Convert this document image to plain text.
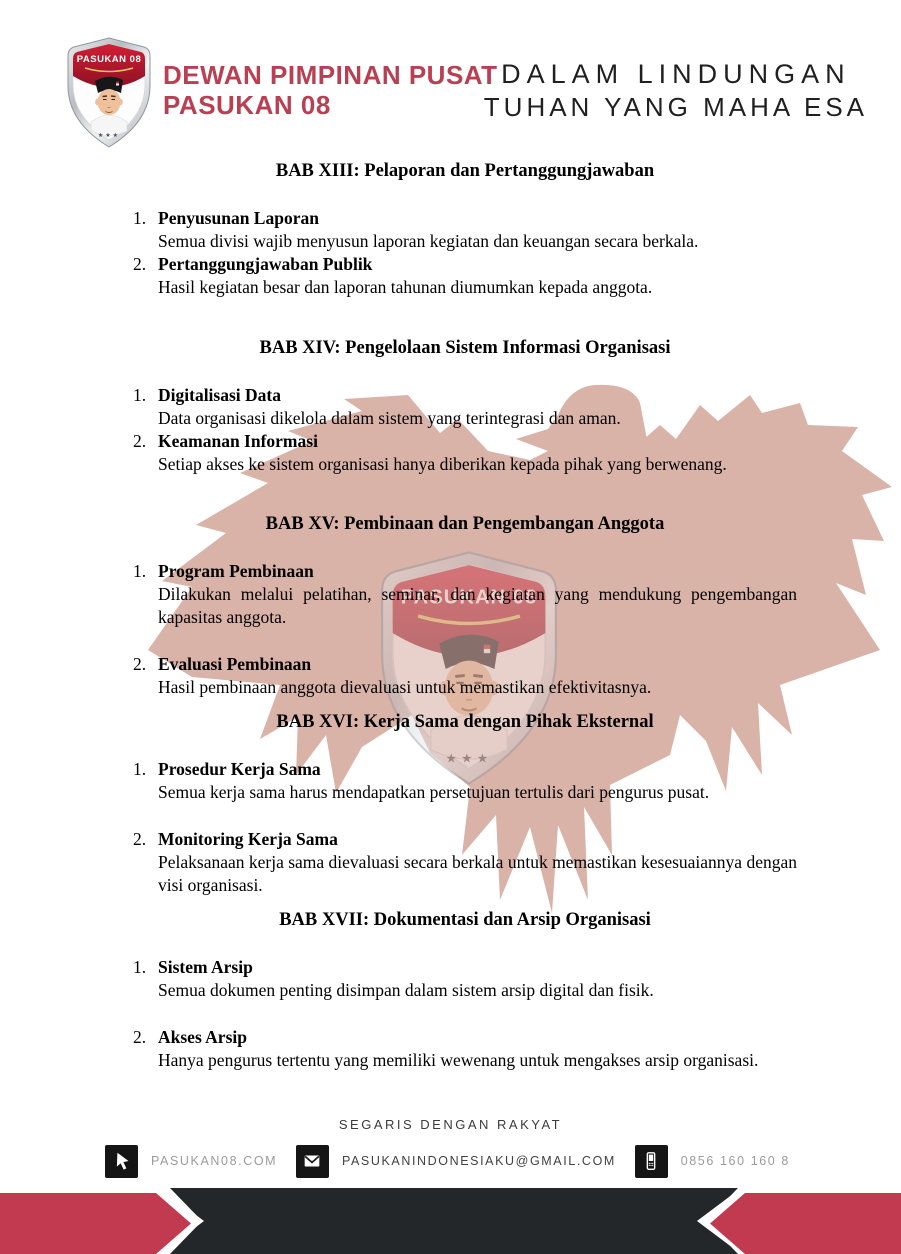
DEWAN PIMPINAN PUSAT
PASUKAN 08
DALAM LINDUNGAN
TUHAN YANG MAHA ESA
BAB XIII: Pelaporan dan Pertanggungjawaban
1. Penyusunan Laporan
Semua divisi wajib menyusun laporan kegiatan dan keuangan secara berkala.
2. Pertanggungjawaban Publik
Hasil kegiatan besar dan laporan tahunan diumumkan kepada anggota.
BAB XIV: Pengelolaan Sistem Informasi Organisasi
1. Digitalisasi Data
Data organisasi dikelola dalam sistem yang terintegrasi dan aman.
2. Keamanan Informasi
Setiap akses ke sistem organisasi hanya diberikan kepada pihak yang berwenang.
BAB XV: Pembinaan dan Pengembangan Anggota
1. Program Pembinaan
Dilakukan melalui pelatihan, seminar, dan kegiatan yang mendukung pengembangan kapasitas anggota.
2. Evaluasi Pembinaan
Hasil pembinaan anggota dievaluasi untuk memastikan efektivitasnya.
BAB XVI: Kerja Sama dengan Pihak Eksternal
1. Prosedur Kerja Sama
Semua kerja sama harus mendapatkan persetujuan tertulis dari pengurus pusat.
2. Monitoring Kerja Sama
Pelaksanaan kerja sama dievaluasi secara berkala untuk memastikan kesesuaiannya dengan visi organisasi.
BAB XVII: Dokumentasi dan Arsip Organisasi
1. Sistem Arsip
Semua dokumen penting disimpan dalam sistem arsip digital dan fisik.
2. Akses Arsip
Hanya pengurus tertentu yang memiliki wewenang untuk mengakses arsip organisasi.
SEGARIS DENGAN RAKYAT
PASUKAN08.COM	PASUKANINDONESIAKU@GMAIL.COM	0856 160 160 8
